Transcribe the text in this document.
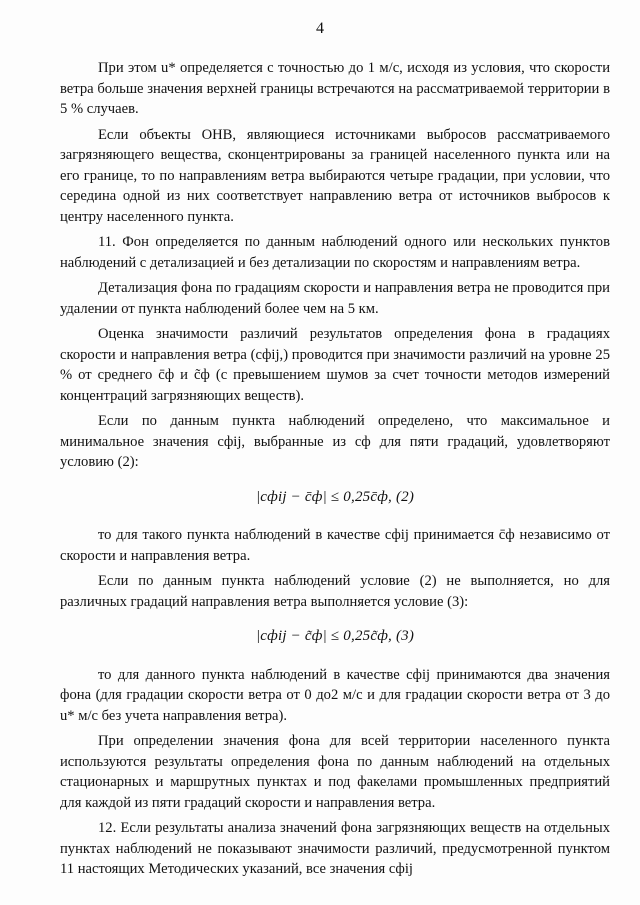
4

При этом u* определяется с точностью до 1 м/с, исходя из условия, что скорости ветра больше значения верхней границы встречаются на рассматриваемой территории в 5 % случаев.

Если объекты ОНВ, являющиеся источниками выбросов рассматриваемого загрязняющего вещества, сконцентрированы за границей населенного пункта или на его границе, то по направлениям ветра выбираются четыре градации, при условии, что середина одной из них соответствует направлению ветра от источников выбросов к центру населенного пункта.

11. Фон определяется по данным наблюдений одного или нескольких пунктов наблюдений с детализацией и без детализации по скоростям и направлениям ветра.

Детализация фона по градациям скорости и направления ветра не проводится при удалении от пункта наблюдений более чем на 5 км.

Оценка значимости различий результатов определения фона в градациях скорости и направления ветра (cфij,) проводится при значимости различий на уровне 25 % от среднего c̄ф и c̃ф (с превышением шумов за счет точности методов измерений концентраций загрязняющих веществ).

Если по данным пункта наблюдений определено, что максимальное и минимальное значения cфij, выбранные из cф для пяти градаций, удовлетворяют условию (2):

|cфij − c̄ф| ≤ 0,25c̄ф, (2)

то для такого пункта наблюдений в качестве cфij принимается c̄ф независимо от скорости и направления ветра.

Если по данным пункта наблюдений условие (2) не выполняется, но для различных градаций направления ветра выполняется условие (3):

|cфij − c̃ф| ≤ 0,25c̃ф, (3)

то для данного пункта наблюдений в качестве cфij принимаются два значения фона (для градации скорости ветра от 0 до2 м/с и для градации скорости ветра от 3 до u* м/с без учета направления ветра).

При определении значения фона для всей территории населенного пункта используются результаты определения фона по данным наблюдений на отдельных стационарных и маршрутных пунктах и под факелами промышленных предприятий для каждой из пяти градаций скорости и направления ветра.

12. Если результаты анализа значений фона загрязняющих веществ на отдельных пунктах наблюдений не показывают значимости различий, предусмотренной пунктом 11 настоящих Методических указаний, все значения cфij
